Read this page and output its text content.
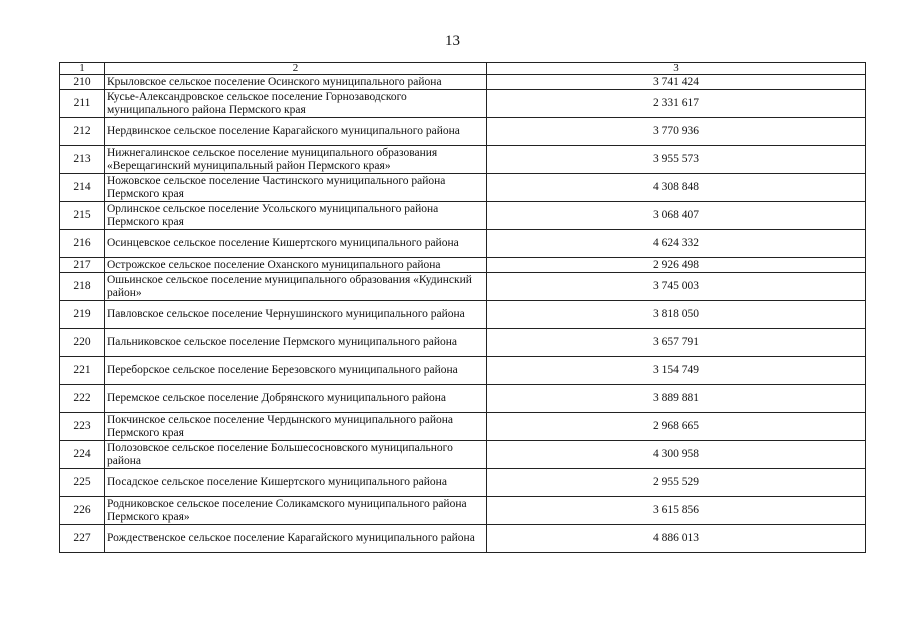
13
1	2	3
210	Крыловское сельское поселение Осинского муниципального района	3 741 424
211	Кусье-Александровское сельское поселение Горнозаводского муниципального района Пермского края	2 331 617
212	Нердвинское сельское поселение Карагайского муниципального района	3 770 936
213	Нижнегалинское сельское поселение муниципального образования «Верещагинский муниципальный район Пермского края»	3 955 573
214	Ножовское сельское поселение Частинского муниципального района Пермского края	4 308 848
215	Орлинское сельское поселение Усольского муниципального района Пермского края	3 068 407
216	Осинцевское сельское поселение Кишертского муниципального района	4 624 332
217	Острожское сельское поселение Оханского муниципального района	2 926 498
218	Ошьинское сельское поселение муниципального образования «Кудинский район»	3 745 003
219	Павловское сельское поселение Чернушинского муниципального района	3 818 050
220	Пальниковское сельское поселение Пермского муниципального района	3 657 791
221	Переборское сельское поселение Березовского муниципального района	3 154 749
222	Перемское сельское поселение Добрянского муниципального района	3 889 881
223	Покчинское сельское поселение Чердынского муниципального района Пермского края	2 968 665
224	Полозовское сельское поселение Большесосновского муниципального района	4 300 958
225	Посадское сельское поселение Кишертского муниципального района	2 955 529
226	Родниковское сельское поселение Соликамского муниципального района Пермского края»	3 615 856
227	Рождественское сельское поселение Карагайского муниципального района	4 886 013
